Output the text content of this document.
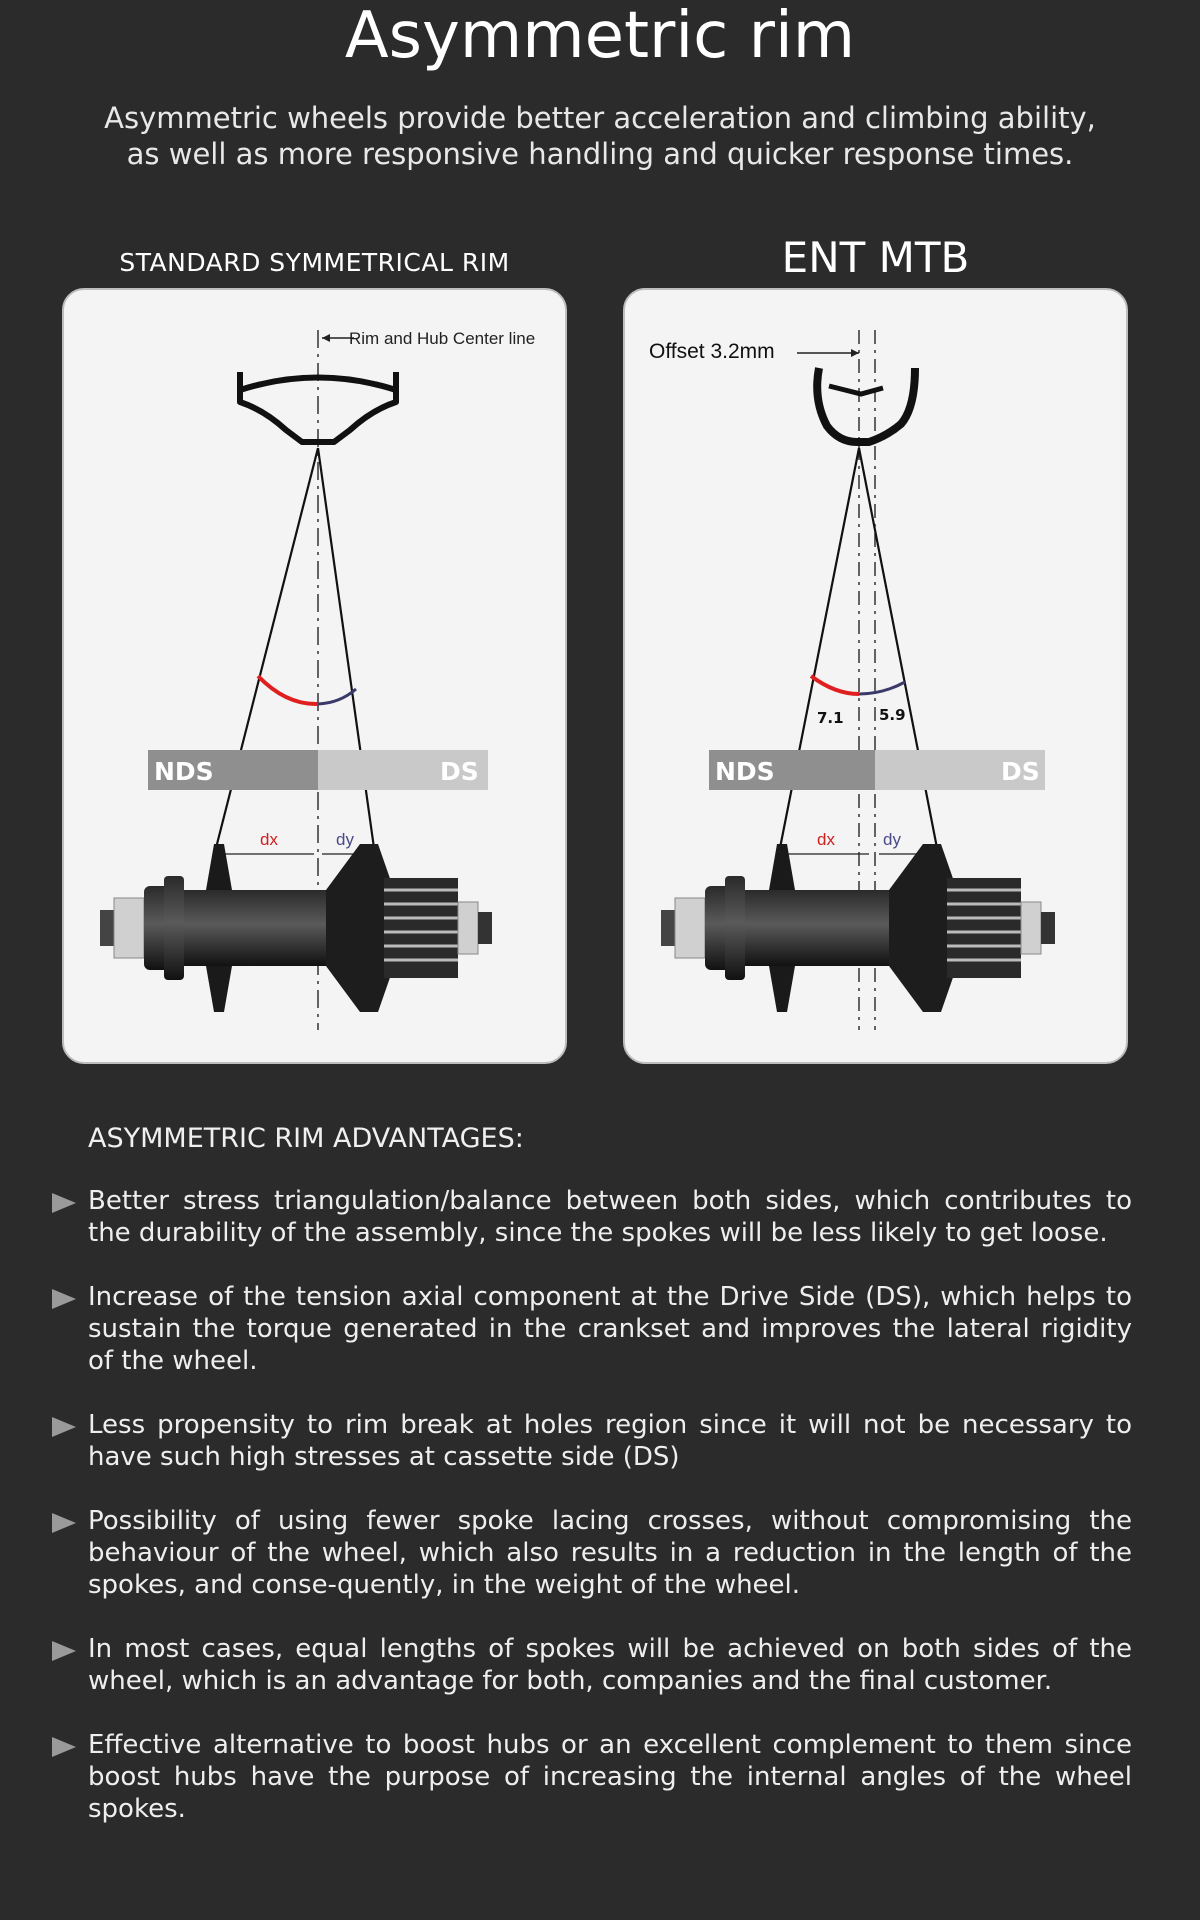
Asymmetric rim
Asymmetric wheels provide better acceleration and climbing ability,
as well as more responsive handling and quicker response times.
STANDARD SYMMETRICAL RIM	ENT MTB
Rim and Hub Center line
NDS	DS
dx	dy
Offset 3.2mm
7.1 5.9
NDS	DS
dx	dy
ASYMMETRIC RIM ADVANTAGES:
Better stress triangulation/balance between both sides, which contributes to the durability of the assembly, since the spokes will be less likely to get loose.
Increase of the tension axial component at the Drive Side (DS), which helps to sustain the torque generated in the crankset and improves the lateral rigidity of the wheel.
Less propensity to rim break at holes region since it will not be necessary to have such high stresses at cassette side (DS)
Possibility of using fewer spoke lacing crosses, without compromising the behaviour of the wheel, which also results in a reduction in the length of the spokes, and conse-quently, in the weight of the wheel.
In most cases, equal lengths of spokes will be achieved on both sides of the wheel, which is an advantage for both, companies and the final customer.
Effective alternative to boost hubs or an excellent complement to them since boost hubs have the purpose of increasing the internal angles of the wheel spokes.
